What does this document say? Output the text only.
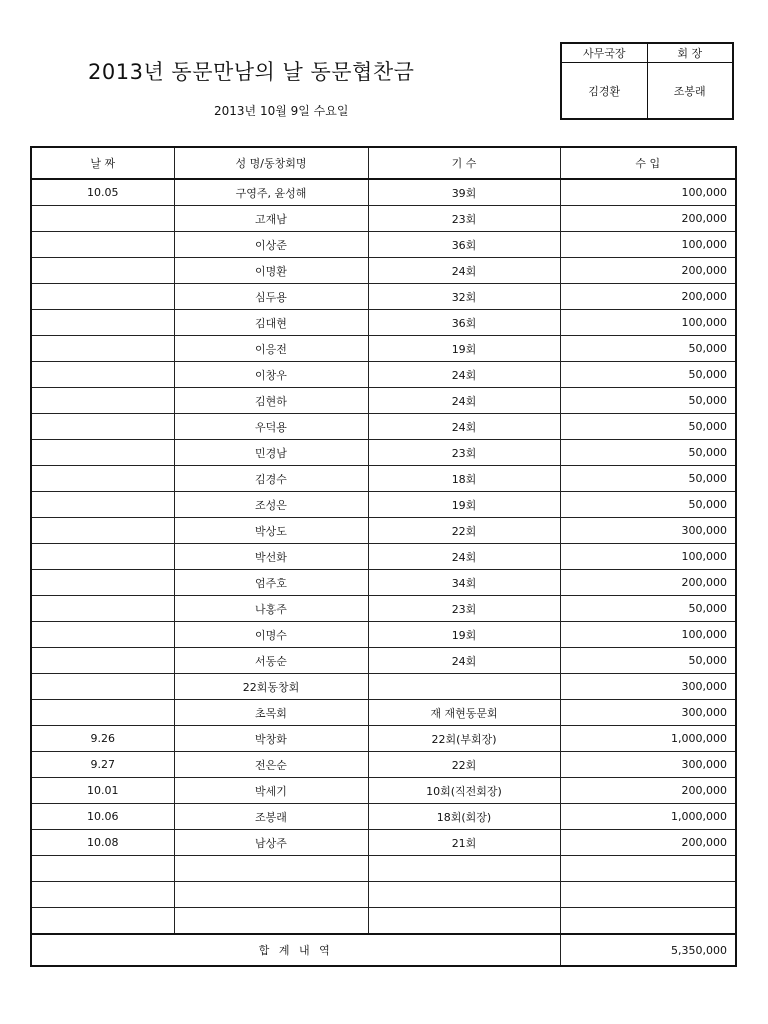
2013년 동문만남의 날 동문협찬금
2013년 10월 9일 수요일
사무국장	회 장
김경환	조봉래
날 짜	성 명/동창회명	기 수	수 입
10.05	구영주, 윤성해	39회	100,000
	고재남	23회	200,000
	이상준	36회	100,000
	이명환	24회	200,000
	심두용	32회	200,000
	김대현	36회	100,000
	이응전	19회	50,000
	이창우	24회	50,000
	김현하	24회	50,000
	우덕용	24회	50,000
	민경남	23회	50,000
	김경수	18회	50,000
	조성은	19회	50,000
	박상도	22회	300,000
	박선화	24회	100,000
	엄주호	34회	200,000
	나홍주	23회	50,000
	이명수	19회	100,000
	서동순	24회	50,000
	22회동창회		300,000
	초목회	재 재현동문회	300,000
9.26	박창화	22회(부회장)	1,000,000
9.27	전은순	22회	300,000
10.01	박세기	10회(직전회장)	200,000
10.06	조봉래	18회(회장)	1,000,000
10.08	남상주	21회	200,000

합 계 내 역			5,350,000
